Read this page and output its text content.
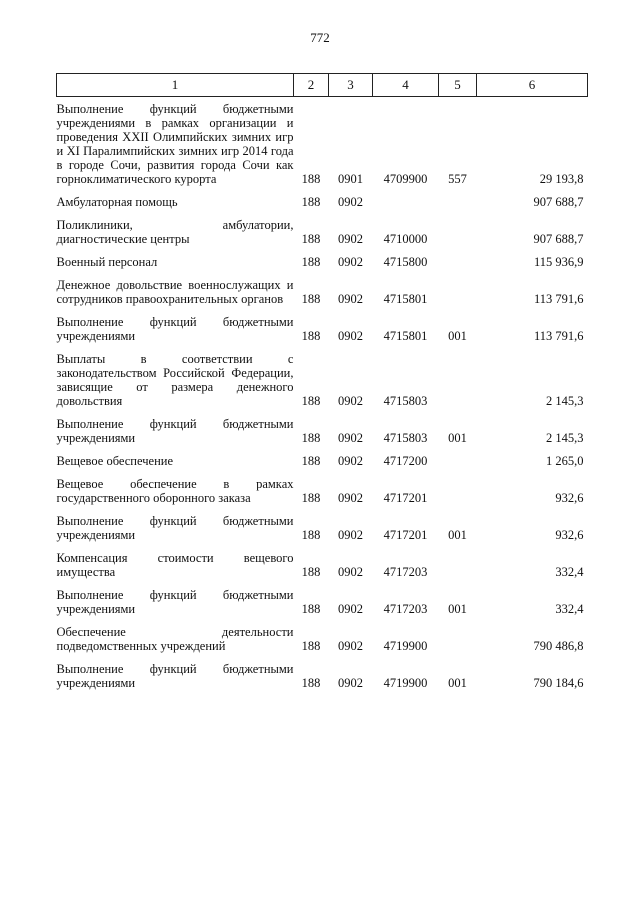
772
1	2	3	4	5	6

Выполнение функций бюджетными учреждениями в рамках организации и проведения XXII Олимпийских зимних игр и XI Паралимпийских зимних игр 2014 года в городе Сочи, развития города Сочи как горноклиматического курорта	188	0901	4709900	557	29 193,8

Амбулаторная помощь	188	0902			907 688,7

Поликлиники, амбулатории, диагностические центры	188	0902	4710000		907 688,7

Военный персонал	188	0902	4715800		115 936,9

Денежное довольствие военнослужащих и сотрудников правоохранительных органов	188	0902	4715801		113 791,6

Выполнение функций бюджетными учреждениями	188	0902	4715801	001	113 791,6

Выплаты в соответствии с законодательством Российской Федерации, зависящие от размера денежного довольствия	188	0902	4715803		2 145,3

Выполнение функций бюджетными учреждениями	188	0902	4715803	001	2 145,3

Вещевое обеспечение	188	0902	4717200		1 265,0

Вещевое обеспечение в рамках государственного оборонного заказа	188	0902	4717201		932,6

Выполнение функций бюджетными учреждениями	188	0902	4717201	001	932,6

Компенсация стоимости вещевого имущества	188	0902	4717203		332,4

Выполнение функций бюджетными учреждениями	188	0902	4717203	001	332,4

Обеспечение деятельности подведомственных учреждений	188	0902	4719900		790 486,8

Выполнение функций бюджетными учреждениями	188	0902	4719900	001	790 184,6
